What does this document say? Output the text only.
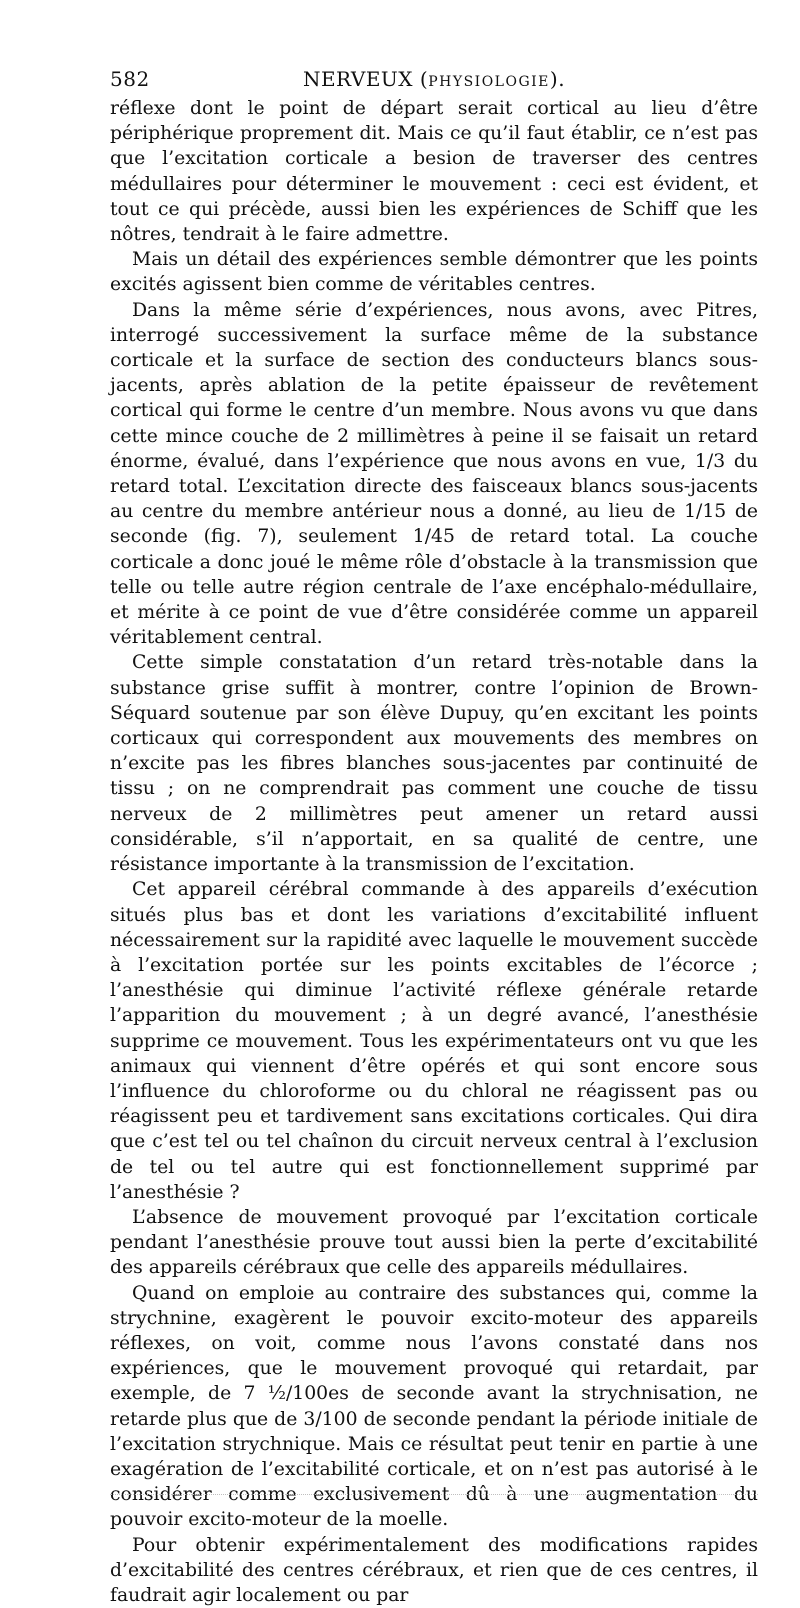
582	NERVEUX (PHYSIOLOGIE).

réflexe dont le point de départ serait cortical au lieu d’être périphérique proprement dit. Mais ce qu’il faut établir, ce n’est pas que l’excitation corticale a besion de traverser des centres médullaires pour déterminer le mouvement : ceci est évident, et tout ce qui précède, aussi bien les expériences de Schiff que les nôtres, tendrait à le faire admettre.

Mais un détail des expériences semble démontrer que les points excités agissent bien comme de véritables centres.

Dans la même série d’expériences, nous avons, avec Pitres, interrogé successivement la surface même de la substance corticale et la surface de section des conducteurs blancs sous-jacents, après ablation de la petite épaisseur de revêtement cortical qui forme le centre d’un membre. Nous avons vu que dans cette mince couche de 2 millimètres à peine il se faisait un retard énorme, évalué, dans l’expérience que nous avons en vue, 1/3 du retard total. L’excitation directe des faisceaux blancs sous-jacents au centre du membre antérieur nous a donné, au lieu de 1/15 de seconde (fig. 7), seulement 1/45 de retard total. La couche corticale a donc joué le même rôle d’obstacle à la transmission que telle ou telle autre région centrale de l’axe encéphalo-médullaire, et mérite à ce point de vue d’être considérée comme un appareil véritablement central.

Cette simple constatation d’un retard très-notable dans la substance grise suffit à montrer, contre l’opinion de Brown-Séquard soutenue par son élève Dupuy, qu’en excitant les points corticaux qui correspondent aux mouvements des membres on n’excite pas les fibres blanches sous-jacentes par continuité de tissu ; on ne comprendrait pas comment une couche de tissu nerveux de 2 millimètres peut amener un retard aussi considérable, s’il n’apportait, en sa qualité de centre, une résistance importante à la transmission de l’excitation.

Cet appareil cérébral commande à des appareils d’exécution situés plus bas et dont les variations d’excitabilité influent nécessairement sur la rapidité avec laquelle le mouvement succède à l’excitation portée sur les points excitables de l’écorce ; l’anesthésie qui diminue l’activité réflexe générale retarde l’apparition du mouvement ; à un degré avancé, l’anesthésie supprime ce mouvement. Tous les expérimentateurs ont vu que les animaux qui viennent d’être opérés et qui sont encore sous l’influence du chloroforme ou du chloral ne réagissent pas ou réagissent peu et tardivement sans excitations corticales. Qui dira que c’est tel ou tel chaînon du circuit nerveux central à l’exclusion de tel ou tel autre qui est fonctionnellement supprimé par l’anesthésie ?

L’absence de mouvement provoqué par l’excitation corticale pendant l’anesthésie prouve tout aussi bien la perte d’excitabilité des appareils cérébraux que celle des appareils médullaires.

Quand on emploie au contraire des substances qui, comme la strychnine, exagèrent le pouvoir excito-moteur des appareils réflexes, on voit, comme nous l’avons constaté dans nos expériences, que le mouvement provoqué qui retardait, par exemple, de 7 ½/100es de seconde avant la strychnisation, ne retarde plus que de 3/100 de seconde pendant la période initiale de l’excitation strychnique. Mais ce résultat peut tenir en partie à une exagération de l’excitabilité corticale, et on n’est pas autorisé à le considérer comme exclusivement dû à une augmentation du pouvoir excito-moteur de la moelle.

Pour obtenir expérimentalement des modifications rapides d’excitabilité des centres cérébraux, et rien que de ces centres, il faudrait agir localement ou par
